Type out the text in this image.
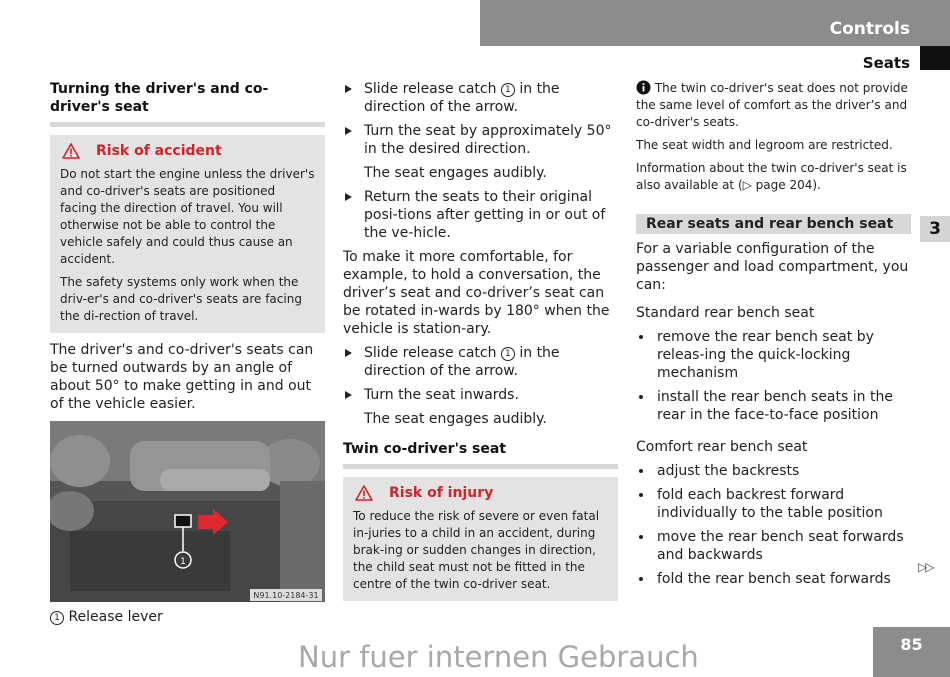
Controls
Seats
3
Turning the driver's and co-driver's seat
Risk of accident

Do not start the engine unless the driver's and co-driver's seats are positioned facing the direction of travel. You will otherwise not be able to control the vehicle safely and could thus cause an accident.

The safety systems only work when the driv-er's and co-driver's seats are facing the di-rection of travel.

The driver's and co-driver's seats can be turned outwards by an angle of about 50° to make getting in and out of the vehicle easier.

N91.10-2184-31
1

1 Release lever

Slide release catch 1 in the direction of the arrow.
Turn the seat by approximately 50° in the desired direction.

The seat engages audibly.

Return the seats to their original posi-tions after getting in or out of the ve-hicle.

To make it more comfortable, for example, to hold a conversation, the driver’s seat and co-driver’s seat can be rotated in-wards by 180° when the vehicle is station-ary.

Slide release catch 1 in the direction of the arrow.
Turn the seat inwards.

The seat engages audibly.

Twin co-driver's seat
Risk of injury

To reduce the risk of severe or even fatal in-juries to a child in an accident, during brak-ing or sudden changes in direction, the child seat must not be fitted in the centre of the twin co-driver seat.

The twin co-driver's seat does not provide the same level of comfort as the driver’s and co-driver's seats.

The seat width and legroom are restricted.

Information about the twin co-driver's seat is also available at (▷ page 204).

Rear seats and rear bench seat

For a variable configuration of the passenger and load compartment, you can:

Standard rear bench seat

remove the rear bench seat by releas-ing the quick-locking mechanism
install the rear bench seats in the rear in the face-to-face position

Comfort rear bench seat

adjust the backrests
fold each backrest forward individually to the table position
move the rear bench seat forwards and backwards
fold the rear bench seat forwards
▷▷
85
Nur fuer internen Gebrauch
